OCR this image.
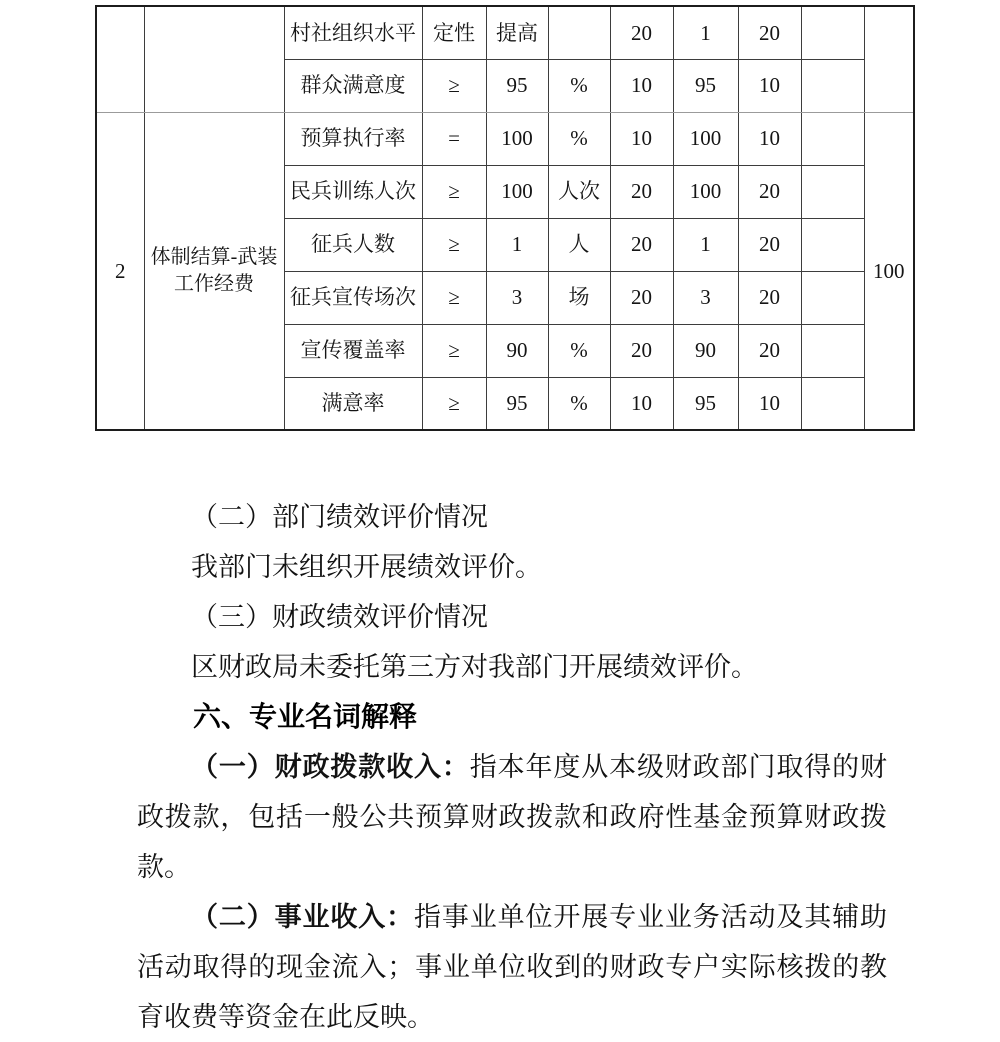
		村社组织水平	定性	提高		20	1	20		
		群众满意度	≥	95	%	10	95	10		
2	体制结算-武装工作经费	预算执行率	=	100	%	10	100	10		100
		民兵训练人次	≥	100	人次	20	100	20		
		征兵人数	≥	1	人	20	1	20		
		征兵宣传场次	≥	3	场	20	3	20		
		宣传覆盖率	≥	90	%	20	90	20		
		满意率	≥	95	%	10	95	10		

（二）部门绩效评价情况

我部门未组织开展绩效评价。

（三）财政绩效评价情况

区财政局未委托第三方对我部门开展绩效评价。

六、专业名词解释

（一）财政拨款收入：指本年度从本级财政部门取得的财政拨款，包括一般公共预算财政拨款和政府性基金预算财政拨款。

（二）事业收入：指事业单位开展专业业务活动及其辅助活动取得的现金流入；事业单位收到的财政专户实际核拨的教育收费等资金在此反映。
